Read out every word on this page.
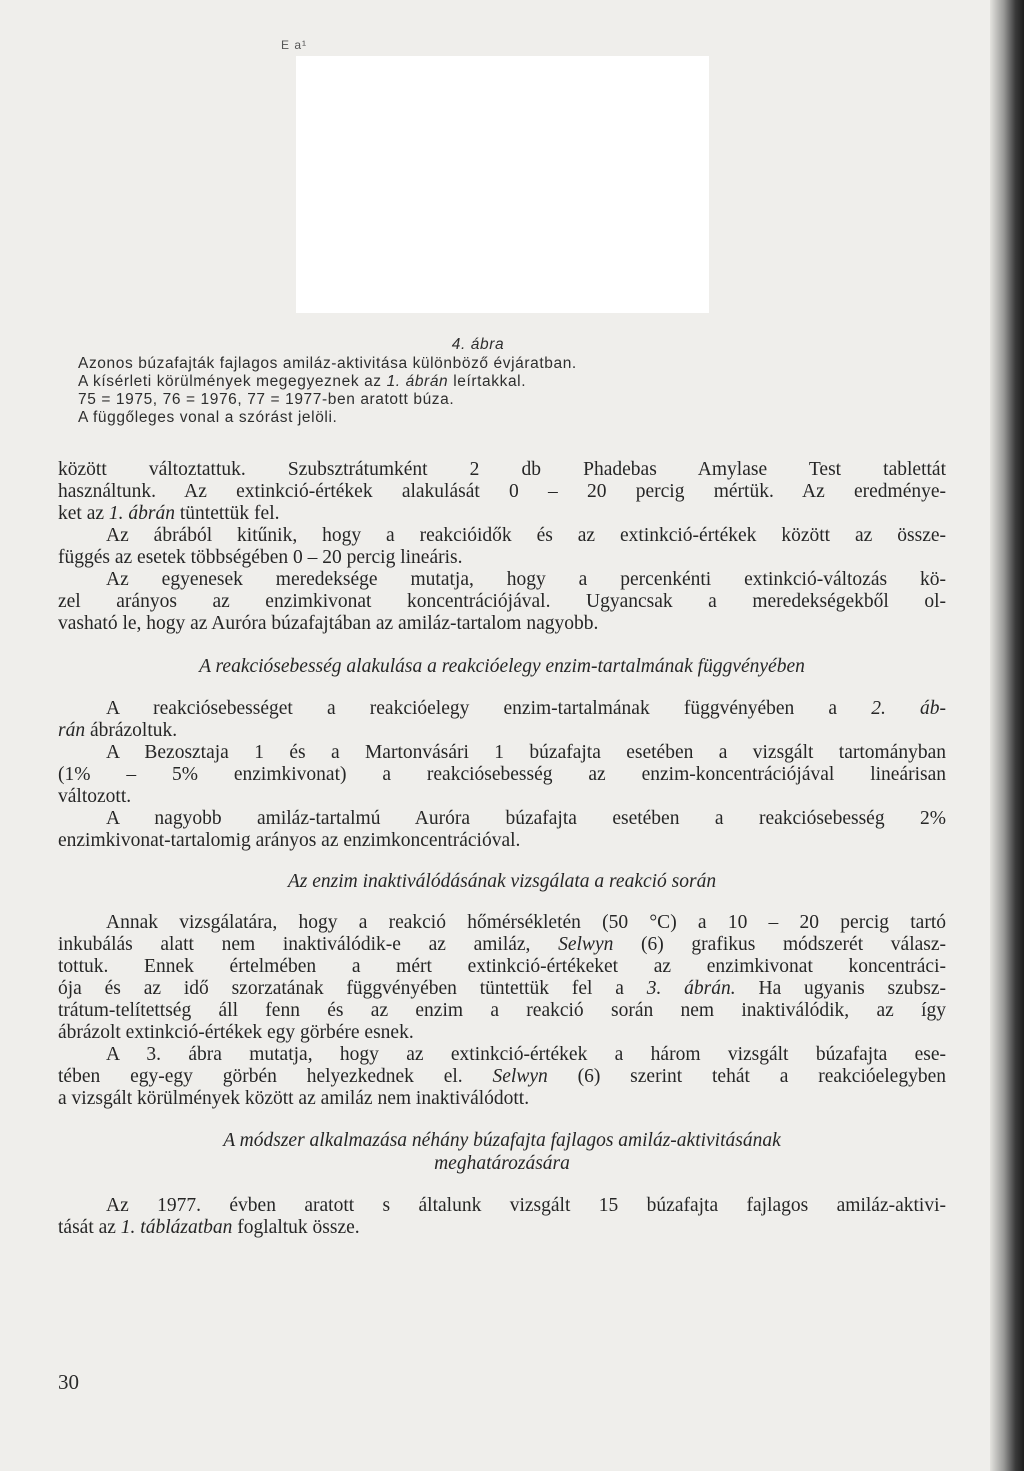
E a¹
4. ábra
Azonos búzafajták fajlagos amiláz-aktivitása különböző évjáratban.
A kísérleti körülmények megegyeznek az 1. ábrán leírtakkal.
75 = 1975, 76 = 1976, 77 = 1977-ben aratott búza.
A függőleges vonal a szórást jelöli.

között változtattuk. Szubsztrátumként 2 db Phadebas Amylase Test tablettát
használtunk. Az extinkció-értékek alakulását 0 – 20 percig mértük. Az eredménye-
ket az 1. ábrán tüntettük fel.

Az ábrából kitűnik, hogy a reakcióidők és az extinkció-értékek között az össze-
függés az esetek többségében 0 – 20 percig lineáris.

Az egyenesek meredeksége mutatja, hogy a percenkénti extinkció-változás kö-
zel arányos az enzimkivonat koncentrációjával. Ugyancsak a meredekségekből ol-
vasható le, hogy az Auróra búzafajtában az amiláz-tartalom nagyobb.

A reakciósebesség alakulása a reakcióelegy enzim-tartalmának függvényében

A reakciósebességet a reakcióelegy enzim-tartalmának függvényében a 2. áb-
rán ábrázoltuk.

A Bezosztaja 1 és a Martonvásári 1 búzafajta esetében a vizsgált tartományban
(1% – 5% enzimkivonat) a reakciósebesség az enzim-koncentrációjával lineárisan
változott.

A nagyobb amiláz-tartalmú Auróra búzafajta esetében a reakciósebesség 2%
enzimkivonat-tartalomig arányos az enzimkoncentrációval.

Az enzim inaktiválódásának vizsgálata a reakció során

Annak vizsgálatára, hogy a reakció hőmérsékletén (50 °C) a 10 – 20 percig tartó
inkubálás alatt nem inaktiválódik-e az amiláz, Selwyn (6) grafikus módszerét válasz-
tottuk. Ennek értelmében a mért extinkció-értékeket az enzimkivonat koncentráci-
ója és az idő szorzatának függvényében tüntettük fel a 3. ábrán. Ha ugyanis szubsz-
trátum-telítettség áll fenn és az enzim a reakció során nem inaktiválódik, az így
ábrázolt extinkció-értékek egy görbére esnek.

A 3. ábra mutatja, hogy az extinkció-értékek a három vizsgált búzafajta ese-
tében egy-egy görbén helyezkednek el. Selwyn (6) szerint tehát a reakcióelegyben
a vizsgált körülmények között az amiláz nem inaktiválódott.

A módszer alkalmazása néhány búzafajta fajlagos amiláz-aktivitásának
meghatározására

Az 1977. évben aratott s általunk vizsgált 15 búzafajta fajlagos amiláz-aktivi-
tását az 1. táblázatban foglaltuk össze.

30
